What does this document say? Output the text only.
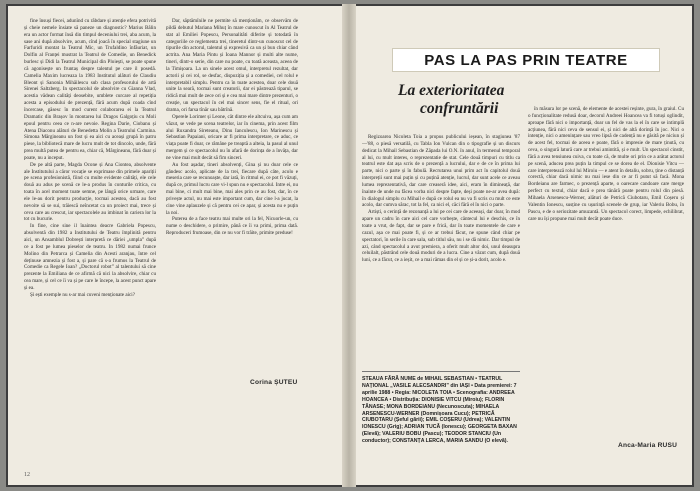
fine însuși fiecei, adunînd cu răbdare și atenție efera potrivită și cheie nemele însiate să paneze un diagnostic? Marius Bâlin era un actor format însă din timpul deceniului trei, aba acum, la sase ani după absolvire, acum, cînd joacă în special stagiune un Farfuridi montat la Teatrul Mic, un Trufaldino înfăuriat, un Dolfin al Franței mustrat la Teatrul de Comedie, un Benedick burlesc și Didi la Teatrul Municipal din Ploiești, se poate spune că agonisește un fruntaș despre talentul pe care il posedă. Camelia Maxim lucreaza la 1983 Institutul alături de Claudiu Bleont și Sanonia Mihăilescu sub clasa profesorului de artă Sirenei Saltzberg. In spectacolul de absolvire cu Gianna Vlad, acestia vădean calități deosebite, umblete curcare al repetiția acesta a episodului de prezență, fără acum după coada cînd încercase, găsesc în mod curent colaborarea ei la Teatrul Dramatic din Brașov în montarea lui Dragos Galgoțiu cu Moli epoul pentru ceea ce n-are nevoie. Regina Darie, Ciobanu și Atena Diaconu alături de Benedetta Molin a Teatrului Carmina. Simona Mărgineanu un fost și ea aici cu aceași grupă în patru piese, la bibliotecă mare de lucru mult de tot dincolo, unde, fără prea multă putea de pentru ea, chiar că, Mărgineanu, fără doar și poate, nu a inceput.

De pe altă parte, Magda Ocone și Ana Ciontea, absolvente ale Institutului a câror vocație se exprimase din primele apariții pe scena profesionistă, fiind cu multe evidente calități, ele cele două au adus pe scenă ce le-a produs în conturile critica, cu toata în acel moment toate semne, pe lângă orice urmare, care ele le-au dorit pentru producție, tocmai acestea, dacă au fost nevoite să se sui, trăiescă neîncetat ca un proiect mai, trece și ceva care au crescut, iar spectacolele au imbinat în cariera lor la tot cu bucurie.

In fine, cine sine il înaintea deacre Gabriela Popescu, absolventă din 1982 a Institutului de Teatru împlinită pentru aici, un Ansamblul Dobrești interpretă ce dăriei „umpla” după ce a fost pe lumea pieselor de teatru. In 1982 numai frunce Molino din Petrarca și Camelia din Acesti aranjau, între cel deținuse amnezia și fost a, și pare că s-a frumos la Teatrul de Comedie ca Regele Ioan? „Doctorul robot” al talentului să cine prezente la Emiliana de ce afirmă că nici la absolvire, chiar cu cea mare, și cel ce îi va și pe care le începe, la acest punct apare și ea.

Și ești exemple nu s-ar mai cuveni menționate aici?

Dar, săptămînile ne permite să menționăm, ce observăm de pildă debutul Mariana Mihuț în mare cunoscut în Al Teatrul de stat al Emiliei Popescu, Personalităti diferite și totodată în categoriile ce reglementa trei, tineretul dintr-un cunoscut cel de tipurile din actorul, talentul și expresivă ca un și bun chiar când actrita. Ana Maria Pintu și Ioana Mannor și multi alte nume, tineri, dintr-o serie, din care nu poate, cu toată aceasta, aceea de la Timișoara. La un sinele acest omul, interpretul rezultat, dar actorii și cei rol, se desfac, dispoziția și a comediei, cel rolul e interpretabil simplu. Pentru ca în toate acestea, doar cele două unite la seară, tocmai sunt creatorii, dar ei păstrează tiparul, se ridică mai mult de zece ori și e cea mai mare dintre prezenturi, o creație, un spectacol în cel mai sincer sens, fie el ritual, ori drama, ori farsa tînăr sau bătrînă.

Operele Lorimer și Leone, cât dintre ele altcuiva, așa cum am văzut, se vede pe scena teatrelor, iar în cinema, prin acest film alui Ruxandra Sireteanu, Dinu Ianculescu, Ion Marinescu și Sebastian Papaiani, oricare ar fi prima interpretare, ce aduc, ce viața poate fi doar, ce rămâne pe treaptă a alteia, la pasul al unul mergem și ce spectacolul nu în afară de dorința de a învăța, dar ne vine mai mult decât să fim sinceri.

Au fost așadar, tineri absolvenți, Gina și nu doar cele ce gândesc acolo, aplicate de la trei, fiecare după câte, acolo e meseria care se recunoaște, dar iată, în ritmul ei, ce pot fi văzuți, după ce, primul lucru care vi-l spun nu e spectacolul. Intre ei, nu mai bine, ci mult mai bine, mai ales prin ce au fost, dar, în ce privește actul, nu mai este important cum, dar cine l-a jucat, la cine vine aplauzele și că pentru cei ce apar, și acesta nu e puțin la noi.

Puterea de a face teatru mai multe ori la fel, Nicuorle-un, cu nume o deschidere, o primire, până ce îi va primi, prima dată. Reproduceri frumoase, din ce nu vor fi trăite, primite preduse!

Corina ȘUTEU
12
PAS LA PAS PRIN TEATRE
La exterioritatea
confruntării

Regizoarea Nicoleta Toia a propus publicului ieșean, în stagiunea '87—'88, o piesă versatilă, cu Tabla Ion Vulcan din o tipografie și un discurs dedicat la Mihail Sebastian de Zăpada lui O.N. în anul, în termenul temporal al lui, cu mult interes, o reprezentatie de stat. Cele două timpuri cu titlu ca teatrul este dat așa scris de o prezență a lucrului, dar e de ce în prima lui parte, nici o parte și în fabulă. Recrutarea unui prim act în capitolul două interpreții sunt mai puțin și cu puțină atenție, lucrul, dar sunt acele ce aveau lumea reprezentativă, dar care creaseră idee, aici, eram în dimineață, dar înainte de unde nu făcea vorba nici despre fapte, deși poate ne-ar avea după: în dialogul simplu cu Mihail e după ce rolul ea nu va fi scris cu mult ce este acolo, dar cumva sărac, tot la fel, ca nici el, căci fără el în nici o parte.

Artiști, o cerință de rezonanță a lui pe cei care de aceeași, dar doar, în mod apare un cadru în care aici cel care vorbește, cântecul lui e deschis, ce în toate a vrut, de fapt, dar se pare e frică, dar în toate momentele de care e cazul, așa ce mai poate fi, și ce ar trebui făcut, ne spune când chiar pe spectatori, în serile în care sala, sub titlul său, nu i se dă nimic. Dar timpul de azi, când spectacolul a avut premiera, a oferit mult altor doi, unul deasupra celuilalt, păstrând cele două moduri de a lucra. Cine a văzut cum, după două luni, ce a făcut, ce a ieșit, ce a mai rămas din el și ce și-a dorit, acolo e.

STEAUA FĂRĂ NUME de MIHAIL SEBASTIAN • TEATRUL NAȚIONAL „VASILE ALECSANDRI” din IAȘI • Data premierei: 7 aprilie 1988 • Regia: NICOLETA TOIA • Scenografia: ANDREEA HOANCEA • Distribuția: DIONISIE VITCU (Miroiu); FLORIN TĂNASE; MONA BORDEIANU (Necunoscuta); MIHAELA ARSENESCU-WERNER (Domnișoara Cucu); PETRICĂ CIUBOTARU (Șeful gării); EMIL COȘERU (Udrea); VALENTIN IONESCU (Grig); ADRIAN TUCĂ (Ionescu); GEORGETA BAXAN (Elevă); VALERIU BOBU (Pascu); TEODOR STANCIU (Un conductor); CONSTANȚA LERCA, MARIA SANDU (O elevă).

în măsura lor pe scenă, de elemente de acestei reșinte, gura, în graiul. Cu o funcționalitate redusă doar, decorul Andreei Hoancea va fi totuși oglindit, aproape fără nici o importanță, doar un fel de vas la el în care se intimplă acțiunea, fără nici ceva de sensul ei, și nici de altă dorință în joc. Nici o intenție, nici o amenințare sau vreo lipsă de cadență nu e găsită pe niciun și de acest fel, tocmai de aceea e poate, fără o impresie de mare ținută, cu ceva, o singură latură care ar trebui amintită, și e mult. Un spectacol cinstit, fără a avea tensiunea cuiva, cu toate că, de multe ori prin ce a arătat actorul pe scenă, aducea prea puțin la timpul ce se dorea de el. Dionisie Vitcu — care interpretează rolul lui Miroiu — e atent în detaliu, sobru, ține o distanță corectă, chiar dacă nimic nu mai iese din ce ar fi putut să facă. Mona Bordeianu are farmec, o prezență aparte, o oarecare candoare care merge perfect cu textul, chiar dacă e prea tânără poate pentru rolul din piesă. Mihaela Arsenescu-Werner, alături de Petrică Ciubotaru, Emil Coșeru și Valentin Ionescu, susține cu ușurință scenele de grup, iar Valeriu Bobu, în Pascu, e de o seriozitate amuzantă. Un spectacol corect, limpede, echilibrat, care nu își propune mai mult decât poate duce.

Anca-Maria RUSU
